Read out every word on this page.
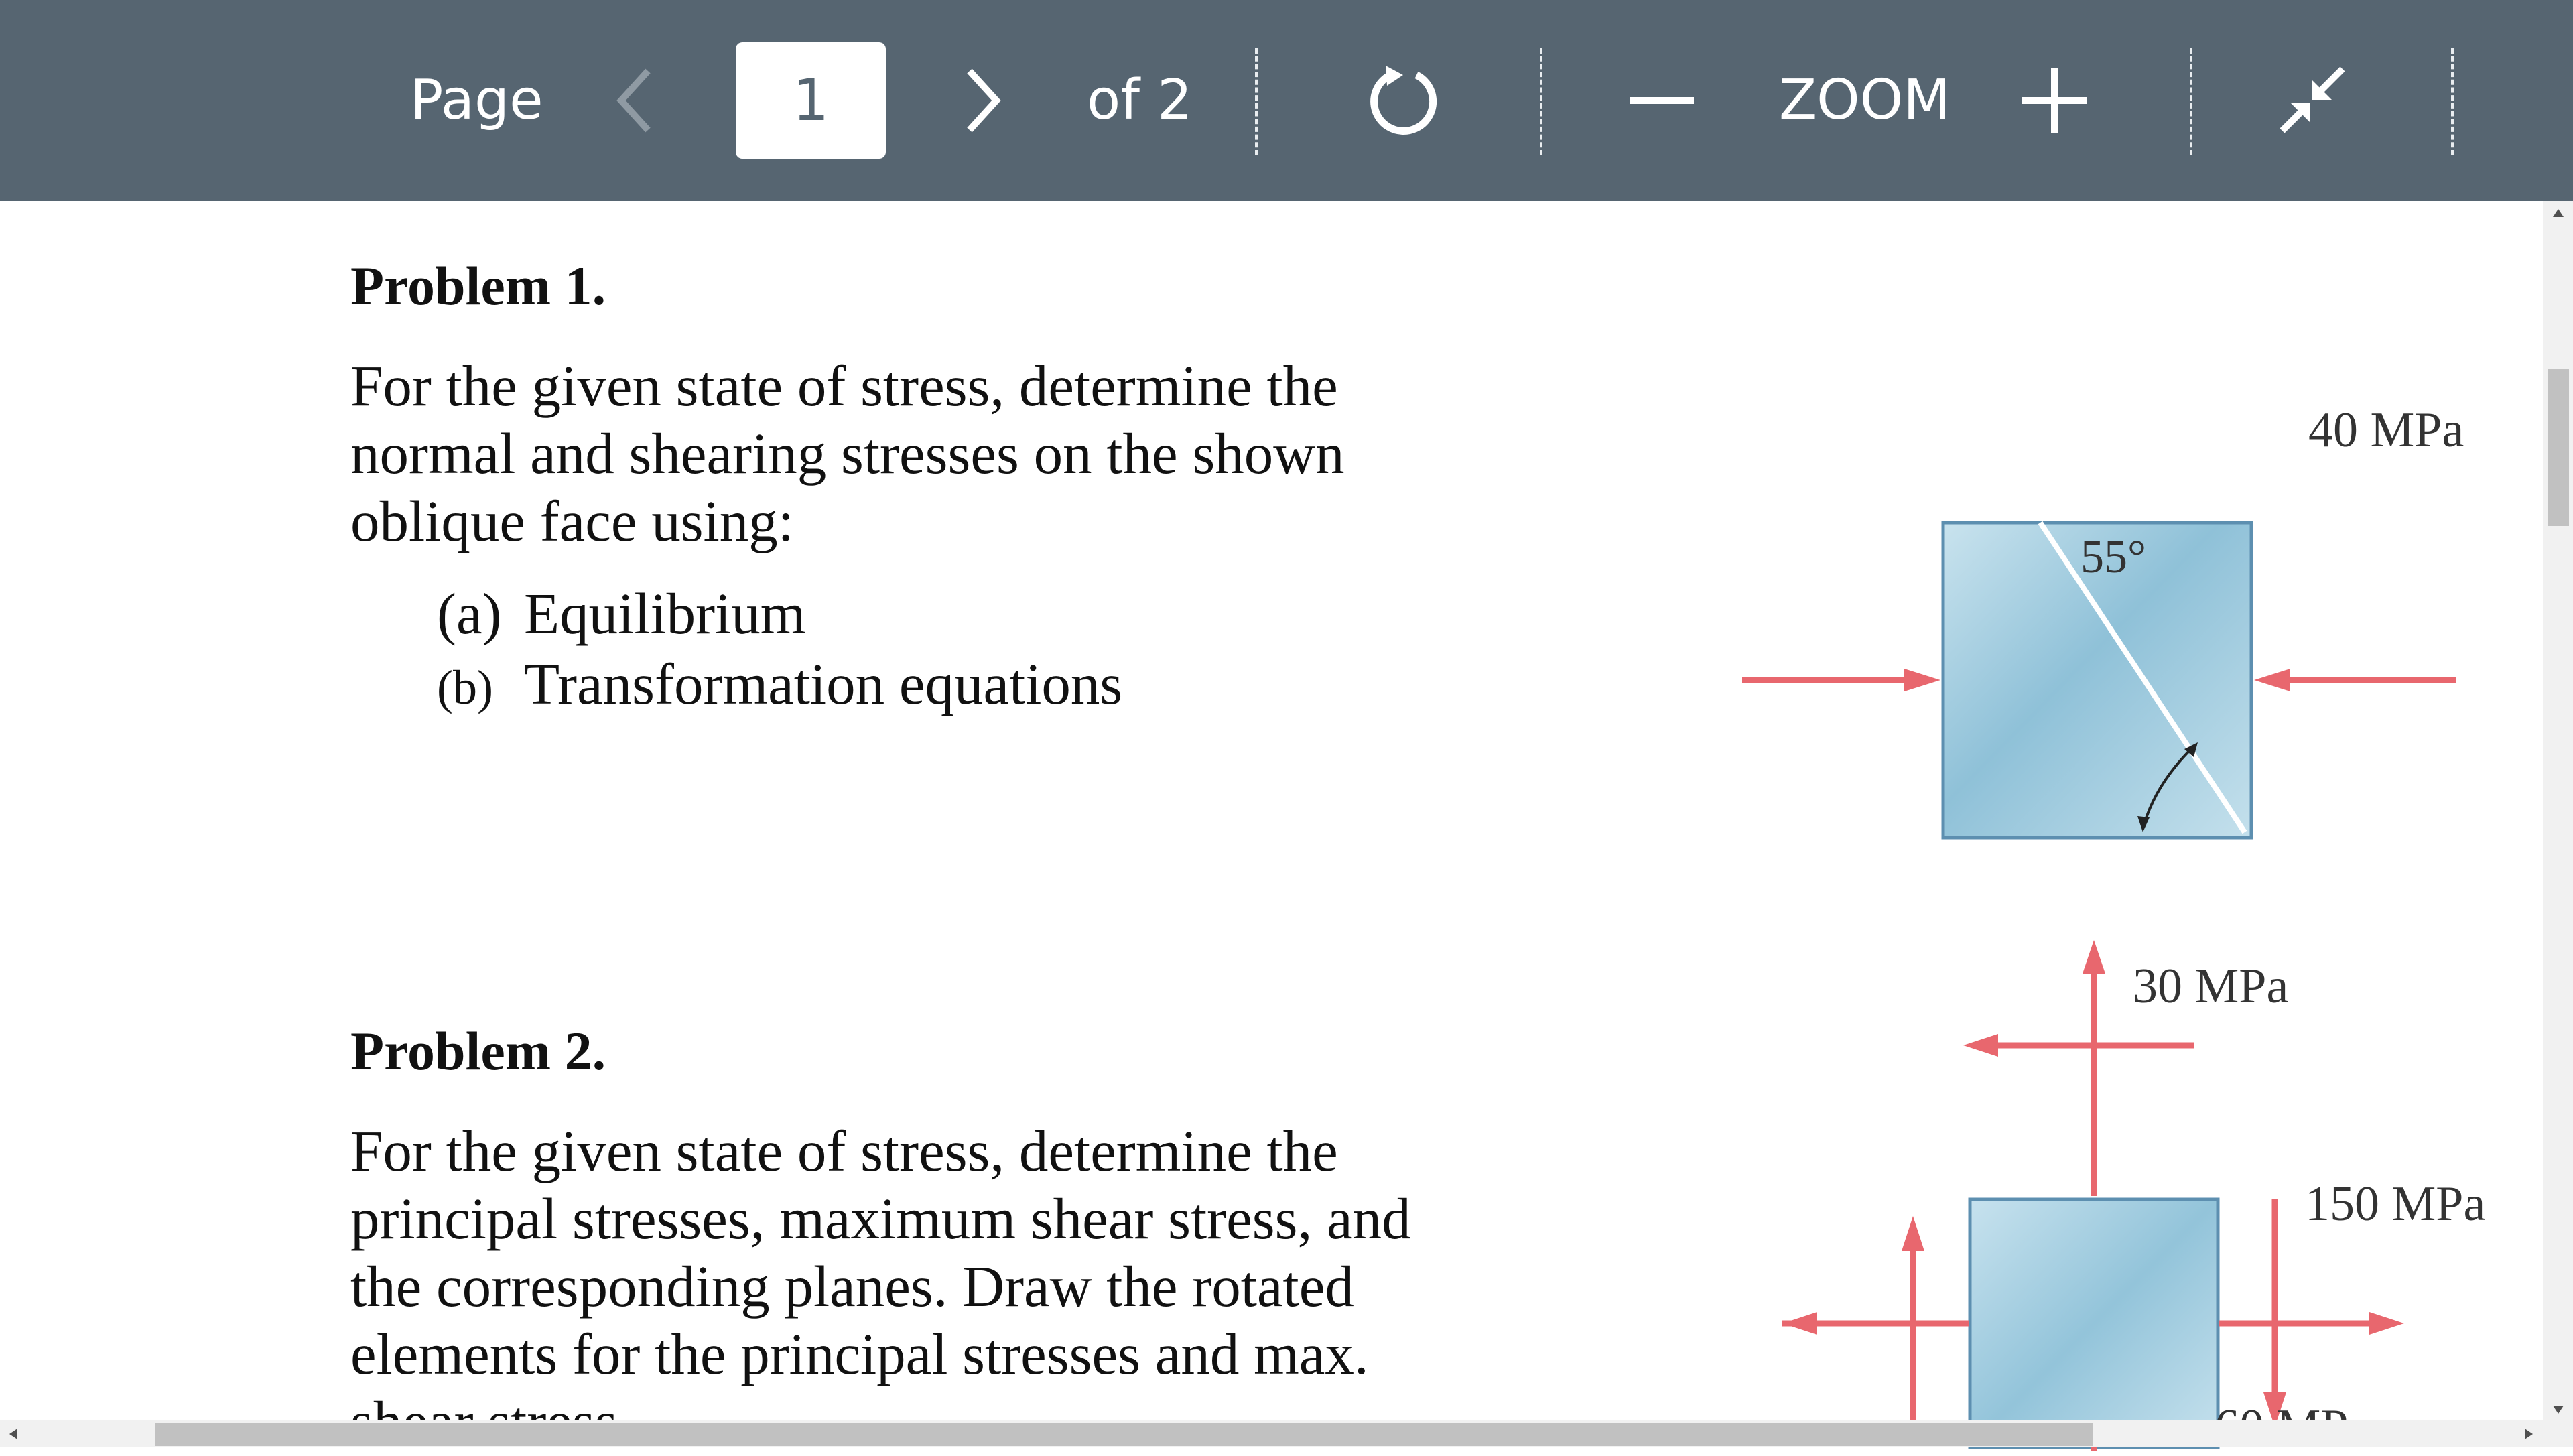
Page	1	of 2	ZOOM
Problem 1.

For the given state of stress, determine the normal and shearing stresses on the shown oblique face using:

(a) Equilibrium
(b) Transformation equations
40 MPa
55°
Problem 2.

For the given state of stress, determine the principal stresses, maximum shear stress, and the corresponding planes. Draw the rotated elements for the principal stresses and max.

30 MPa
150 MPa
